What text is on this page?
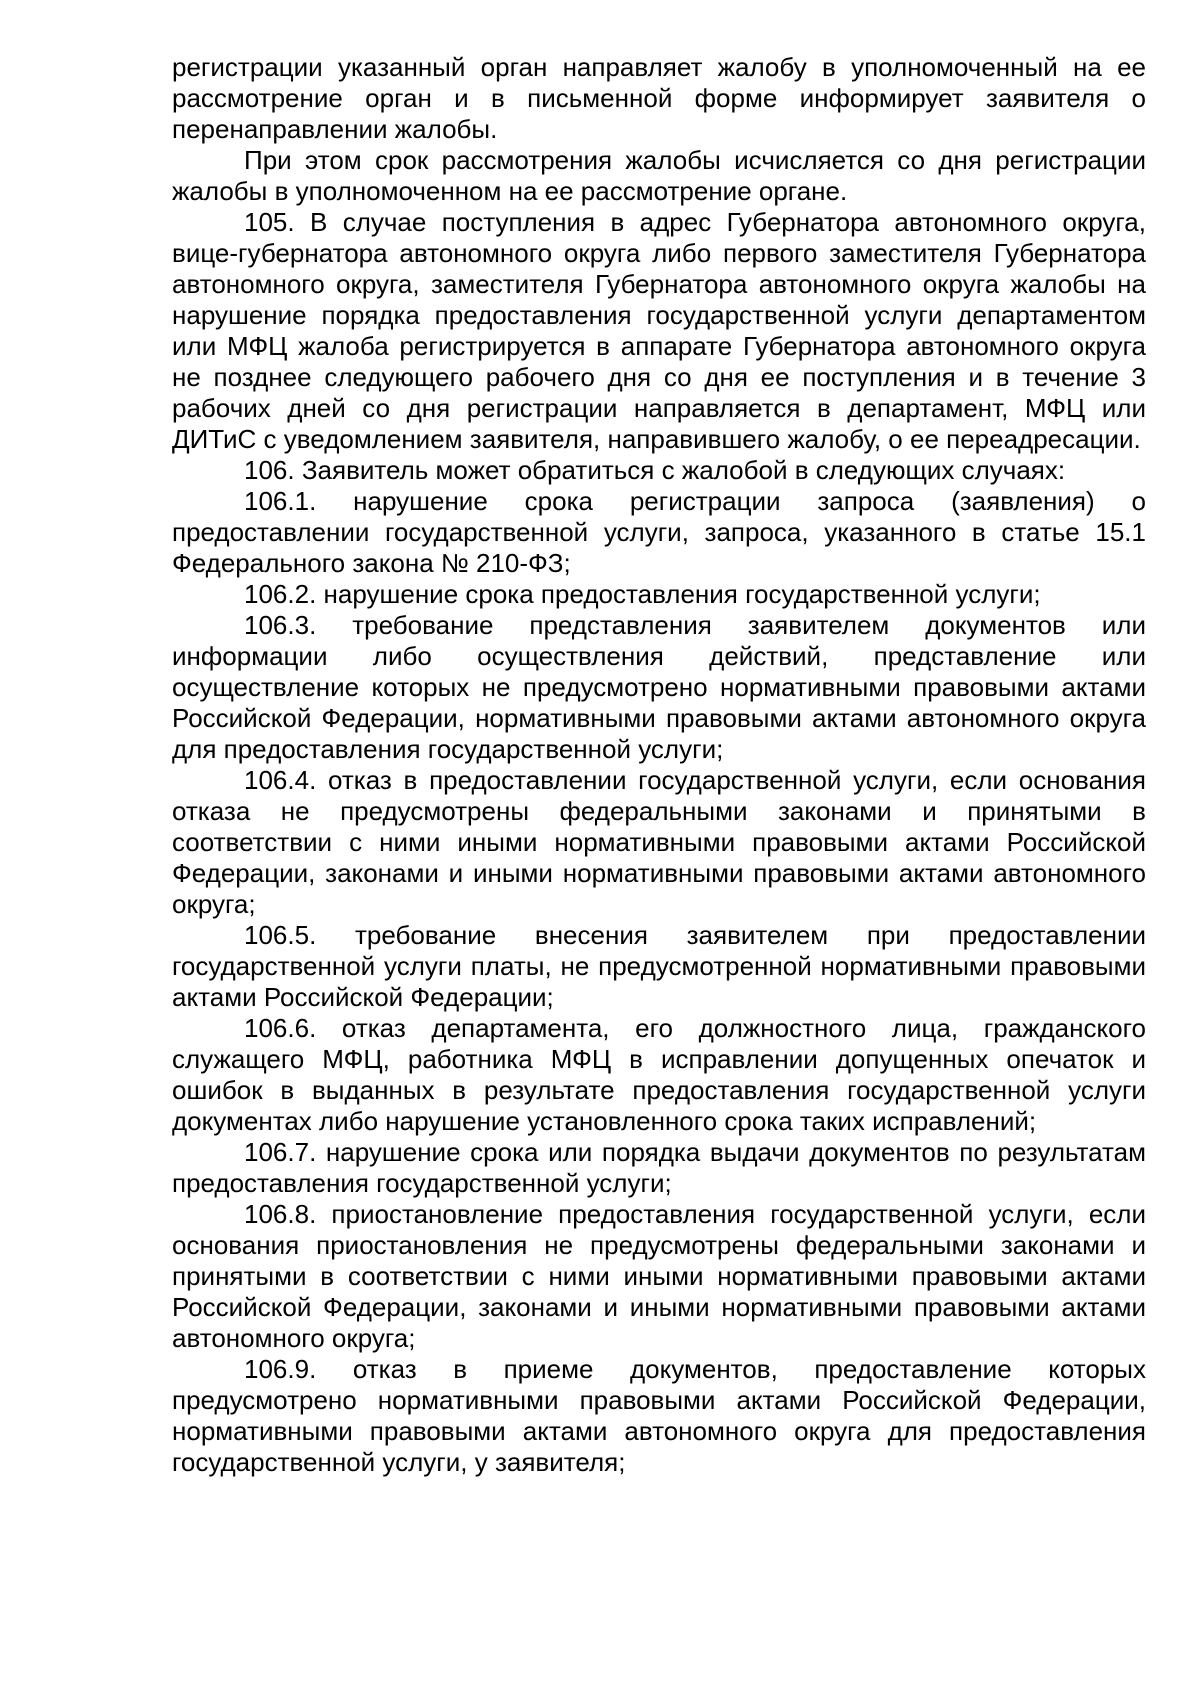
регистрации указанный орган направляет жалобу в уполномоченный на ее рассмотрение орган и в письменной форме информирует заявителя о перенаправлении жалобы.

При этом срок рассмотрения жалобы исчисляется со дня регистрации жалобы в уполномоченном на ее рассмотрение органе.

105. В случае поступления в адрес Губернатора автономного округа, вице-губернатора автономного округа либо первого заместителя Губернатора автономного округа, заместителя Губернатора автономного округа жалобы на нарушение порядка предоставления государственной услуги департаментом или МФЦ жалоба регистрируется в аппарате Губернатора автономного округа не позднее следующего рабочего дня со дня ее поступления и в течение 3 рабочих дней со дня регистрации направляется в департамент, МФЦ или ДИТиС с уведомлением заявителя, направившего жалобу, о ее переадресации.

106. Заявитель может обратиться с жалобой в следующих случаях:

106.1. нарушение срока регистрации запроса (заявления) о предоставлении государственной услуги, запроса, указанного в статье 15.1 Федерального закона № 210-ФЗ;

106.2. нарушение срока предоставления государственной услуги;

106.3. требование представления заявителем документов или информации либо осуществления действий, представление или осуществление которых не предусмотрено нормативными правовыми актами Российской Федерации, нормативными правовыми актами автономного округа для предоставления государственной услуги;

106.4. отказ в предоставлении государственной услуги, если основания отказа не предусмотрены федеральными законами и принятыми в соответствии с ними иными нормативными правовыми актами Российской Федерации, законами и иными нормативными правовыми актами автономного округа;

106.5. требование внесения заявителем при предоставлении государственной услуги платы, не предусмотренной нормативными правовыми актами Российской Федерации;

106.6. отказ департамента, его должностного лица, гражданского служащего МФЦ, работника МФЦ в исправлении допущенных опечаток и ошибок в выданных в результате предоставления государственной услуги документах либо нарушение установленного срока таких исправлений;

106.7. нарушение срока или порядка выдачи документов по результатам предоставления государственной услуги;

106.8. приостановление предоставления государственной услуги, если основания приостановления не предусмотрены федеральными законами и принятыми в соответствии с ними иными нормативными правовыми актами Российской Федерации, законами и иными нормативными правовыми актами автономного округа;

106.9. отказ в приеме документов, предоставление которых предусмотрено нормативными правовыми актами Российской Федерации, нормативными правовыми актами автономного округа для предоставления государственной услуги, у заявителя;
